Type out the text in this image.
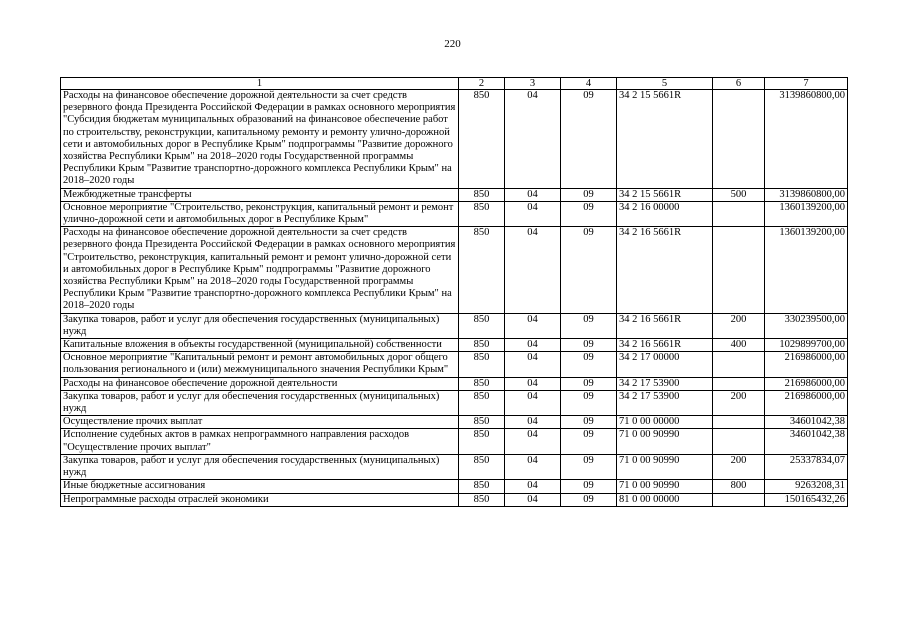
220
1	2	3	4	5	6	7
Расходы на финансовое обеспечение дорожной деятельности за счет средств резервного фонда Президента Российской Федерации в рамках основного мероприятия "Субсидия бюджетам муниципальных образований на финансовое обеспечение работ по строительству, реконструкции, капитальному ремонту и ремонту улично-дорожной сети и автомобильных дорог в Республике Крым" подпрограммы "Развитие дорожного хозяйства Республики Крым" на 2018–2020 годы Государственной программы Республики Крым "Развитие транспортно-дорожного комплекса Республики Крым" на 2018–2020 годы	850	04	09	34 2 15 5661R		3139860800,00
Межбюджетные трансферты	850	04	09	34 2 15 5661R	500	3139860800,00
Основное мероприятие "Строительство, реконструкция, капитальный ремонт и ремонт улично-дорожной сети и автомобильных дорог в Республике Крым"	850	04	09	34 2 16 00000		1360139200,00
Расходы на финансовое обеспечение дорожной деятельности за счет средств резервного фонда Президента Российской Федерации в рамках основного мероприятия "Строительство, реконструкция, капитальный ремонт и ремонт улично-дорожной сети и автомобильных дорог в Республике Крым" подпрограммы "Развитие дорожного хозяйства Республики Крым" на 2018–2020 годы Государственной программы Республики Крым "Развитие транспортно-дорожного комплекса Республики Крым" на 2018–2020 годы	850	04	09	34 2 16 5661R		1360139200,00
Закупка товаров, работ и услуг для обеспечения государственных (муниципальных) нужд	850	04	09	34 2 16 5661R	200	330239500,00
Капитальные вложения в объекты государственной (муниципальной) собственности	850	04	09	34 2 16 5661R	400	1029899700,00
Основное мероприятие "Капитальный ремонт и ремонт автомобильных дорог общего пользования регионального и (или) межмуниципального значения Республики Крым"	850	04	09	34 2 17 00000		216986000,00
Расходы на финансовое обеспечение дорожной деятельности	850	04	09	34 2 17 53900		216986000,00
Закупка товаров, работ и услуг для обеспечения государственных (муниципальных) нужд	850	04	09	34 2 17 53900	200	216986000,00
Осуществление прочих выплат	850	04	09	71 0 00 00000		34601042,38
Исполнение судебных актов в рамках непрограммного направления расходов "Осуществление прочих выплат"	850	04	09	71 0 00 90990		34601042,38
Закупка товаров, работ и услуг для обеспечения государственных (муниципальных) нужд	850	04	09	71 0 00 90990	200	25337834,07
Иные бюджетные ассигнования	850	04	09	71 0 00 90990	800	9263208,31
Непрограммные расходы отраслей экономики	850	04	09	81 0 00 00000		150165432,26
